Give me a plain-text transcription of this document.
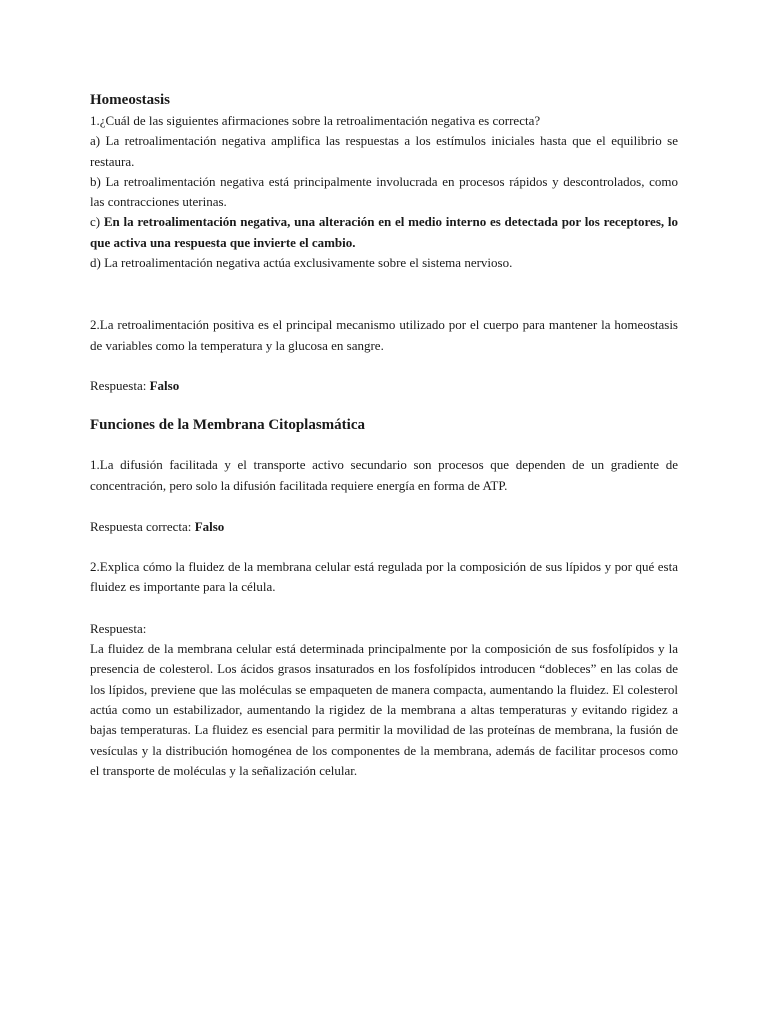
Homeostasis

1.¿Cuál de las siguientes afirmaciones sobre la retroalimentación negativa es correcta?

a) La retroalimentación negativa amplifica las respuestas a los estímulos iniciales hasta que el equilibrio se restaura.

b) La retroalimentación negativa está principalmente involucrada en procesos rápidos y descontrolados, como las contracciones uterinas.

c) En la retroalimentación negativa, una alteración en el medio interno es detectada por los receptores, lo que activa una respuesta que invierte el cambio.

d) La retroalimentación negativa actúa exclusivamente sobre el sistema nervioso.

2.La retroalimentación positiva es el principal mecanismo utilizado por el cuerpo para mantener la homeostasis de variables como la temperatura y la glucosa en sangre.

Respuesta: Falso

Funciones de la Membrana Citoplasmática

1.La difusión facilitada y el transporte activo secundario son procesos que dependen de un gradiente de concentración, pero solo la difusión facilitada requiere energía en forma de ATP.

Respuesta correcta: Falso

2.Explica cómo la fluidez de la membrana celular está regulada por la composición de sus lípidos y por qué esta fluidez es importante para la célula.

Respuesta:

La fluidez de la membrana celular está determinada principalmente por la composición de sus fosfolípidos y la presencia de colesterol. Los ácidos grasos insaturados en los fosfolípidos introducen “dobleces” en las colas de los lípidos, previene que las moléculas se empaqueten de manera compacta, aumentando la fluidez. El colesterol actúa como un estabilizador, aumentando la rigidez de la membrana a altas temperaturas y evitando rigidez a bajas temperaturas. La fluidez es esencial para permitir la movilidad de las proteínas de membrana, la fusión de vesículas y la distribución homogénea de los componentes de la membrana, además de facilitar procesos como el transporte de moléculas y la señalización celular.
